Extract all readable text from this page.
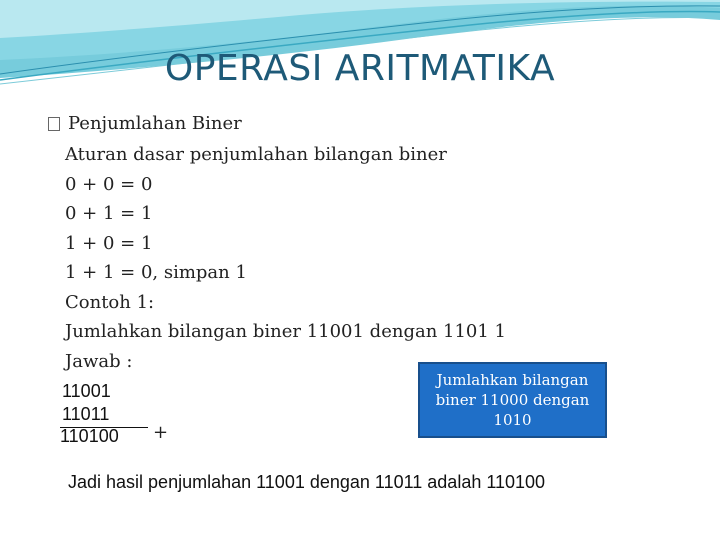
OPERASI ARITMATIKA
Penjumlahan Biner
Aturan dasar penjumlahan bilangan biner
0 + 0 = 0
0 + 1 = 1
1 + 0 = 1
1 + 1 = 0, simpan 1
Contoh 1:
Jumlahkan bilangan biner 11001 dengan 1101 1
Jawab :
11001
11011
110100 +
Jadi hasil penjumlahan 11001 dengan 11011 adalah 110100
Jumlahkan bilangan biner 11000 dengan 1010
